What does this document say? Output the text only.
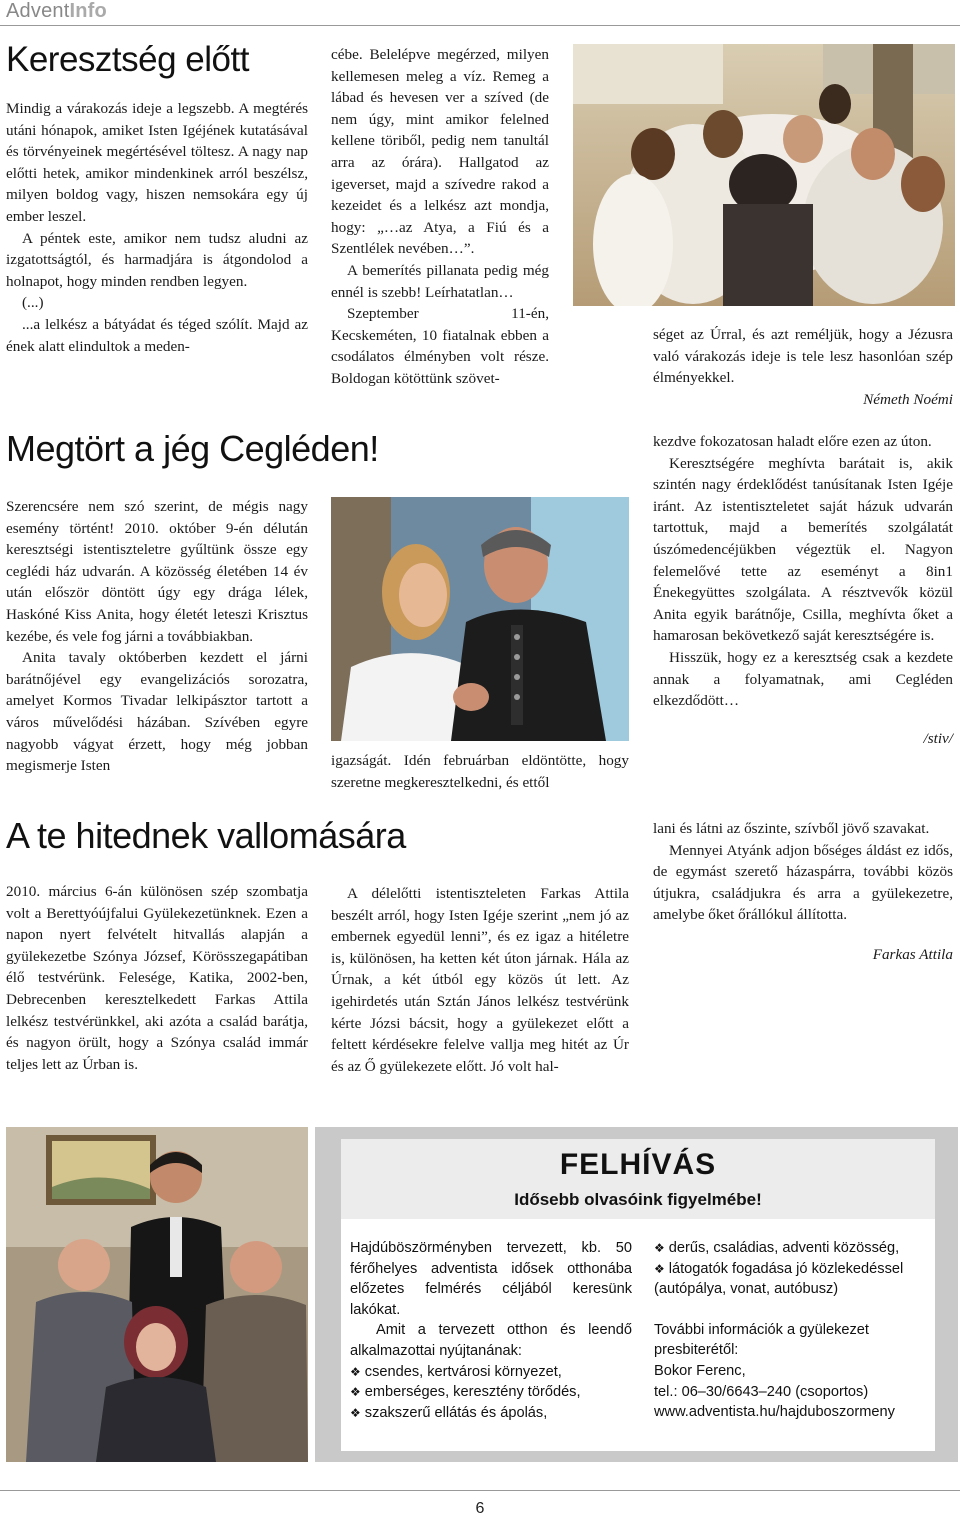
AdventInfo
Keresztség előtt

Mindig a várakozás ideje a legszebb. A megtérés utáni hónapok, amiket Isten Igéjének kutatásával és törvényeinek megértésével töltesz. A nagy nap előtti hetek, amikor mindenkinek arról beszélsz, milyen boldog vagy, hiszen nemsokára egy új ember leszel.

A péntek este, amikor nem tudsz aludni az izgatottságtól, és harmadjára is átgondolod a holnapot, hogy minden rendben legyen.

(...)

...a lelkész a bátyádat és téged szólít. Majd az ének alatt elindultok a meden-

cébe. Belelépve megérzed, milyen kellemesen meleg a víz. Remeg a lábad és hevesen ver a szíved (de nem úgy, mint amikor felelned kellene töriből, pedig nem tanultál arra az órára). Hallgatod az igeverset, majd a szívedre rakod a kezeidet és a lelkész azt mondja, hogy: „…az Atya, a Fiú és a Szentlélek nevében…”.

A bemerítés pillanata pedig még ennél is szebb! Leírhatatlan…

Szeptember 11-én, Kecskeméten, 10 fiatalnak ebben a csodálatos élményben volt része. Boldogan kötöttünk szövet-

séget az Úrral, és azt reméljük, hogy a Jézusra való várakozás ideje is tele lesz hasonlóan szép élményekkel.

Németh Noémi

Megtört a jég Cegléden!

Szerencsére nem szó szerint, de mégis nagy esemény történt! 2010. október 9-én délután keresztségi istentiszteletre gyűltünk össze egy ceglédi ház udvarán. A közösség életében 14 év után először döntött úgy egy drága lélek, Haskóné Kiss Anita, hogy életét leteszi Krisztus kezébe, és vele fog járni a továbbiakban.

Anita tavaly októberben kezdett el járni barátnőjével egy evangelizációs sorozatra, amelyet Kormos Tivadar lelkipásztor tartott a város művelődési házában. Szívében egyre nagyobb vágyat érzett, hogy még jobban megismerje Isten	igazságát. Idén februárban eldöntötte, hogy szeretne megkeresztelkedni, és ettől

kezdve fokozatosan haladt előre ezen az úton.

Keresztségére meghívta barátait is, akik szintén nagy érdeklődést tanúsítanak Isten Igéje iránt. Az istentiszteletet saját házuk udvarán tartottuk, majd a bemerítés szolgálatát úszómedencéjükben végeztük el. Nagyon felemelővé tette az eseményt a 8in1 Énekegyüttes szolgálata. A résztvevők közül Anita egyik barátnője, Csilla, meghívta őket a hamarosan bekövetkező saját keresztségére is.

Hisszük, hogy ez a keresztség csak a kezdete annak a folyamatnak, ami Cegléden elkezdődött…

/stiv/

A te hitednek vallomására

2010. március 6-án különösen szép szombatja volt a Berettyóújfalui Gyülekezetünknek. Ezen a napon nyert felvételt hitvallás alapján a gyülekezetbe Szónya József, Körösszegapátiban élő testvérünk. Felesége, Katika, 2002-ben, Debrecenben keresztelkedett Farkas Attila lelkész testvérünkkel, aki azóta a család barátja, és nagyon örült, hogy a Szónya család immár teljes lett az Úrban is.

A délelőtti istentiszteleten Farkas Attila beszélt arról, hogy Isten Igéje szerint „nem jó az embernek egyedül lenni”, és ez igaz a hitéletre is, különösen, ha ketten két úton járnak. Hála az Úrnak, a két útból egy közös út lett. Az igehirdetés után Sztán János lelkész testvérünk kérte Józsi bácsit, hogy a gyülekezet előtt a feltett kérdésekre felelve vallja meg hitét az Úr és az Ő gyülekezete előtt. Jó volt hal-

lani és látni az őszinte, szívből jövő szavakat.

Mennyei Atyánk adjon bőséges áldást ez idős, de egymást szerető házaspárra, további közös útjukra, családjukra és arra a gyülekezetre, amelybe őket őrállókul állította.

Farkas Attila

FELHÍVÁS
Idősebb olvasóink figyelmébe!

Hajdúböszörményben tervezett, kb. 50 férőhelyes adventista idősek otthonába előzetes felmérés céljából keresünk lakókat.

Amit a tervezett otthon és leendő alkalmazottai nyújtanának:

❖ csendes, kertvárosi környezet,

❖ emberséges, keresztény törődés,

❖ szakszerű ellátás és ápolás,

❖ derűs, családias, adventi közösség,

❖ látogatók fogadása jó közlekedéssel (autópálya, vonat, autóbusz)

További információk a gyülekezet presbiterétől:

Bokor Ferenc,

tel.: 06–30/6643–240 (csoportos)

www.adventista.hu/hajduboszormeny

6
